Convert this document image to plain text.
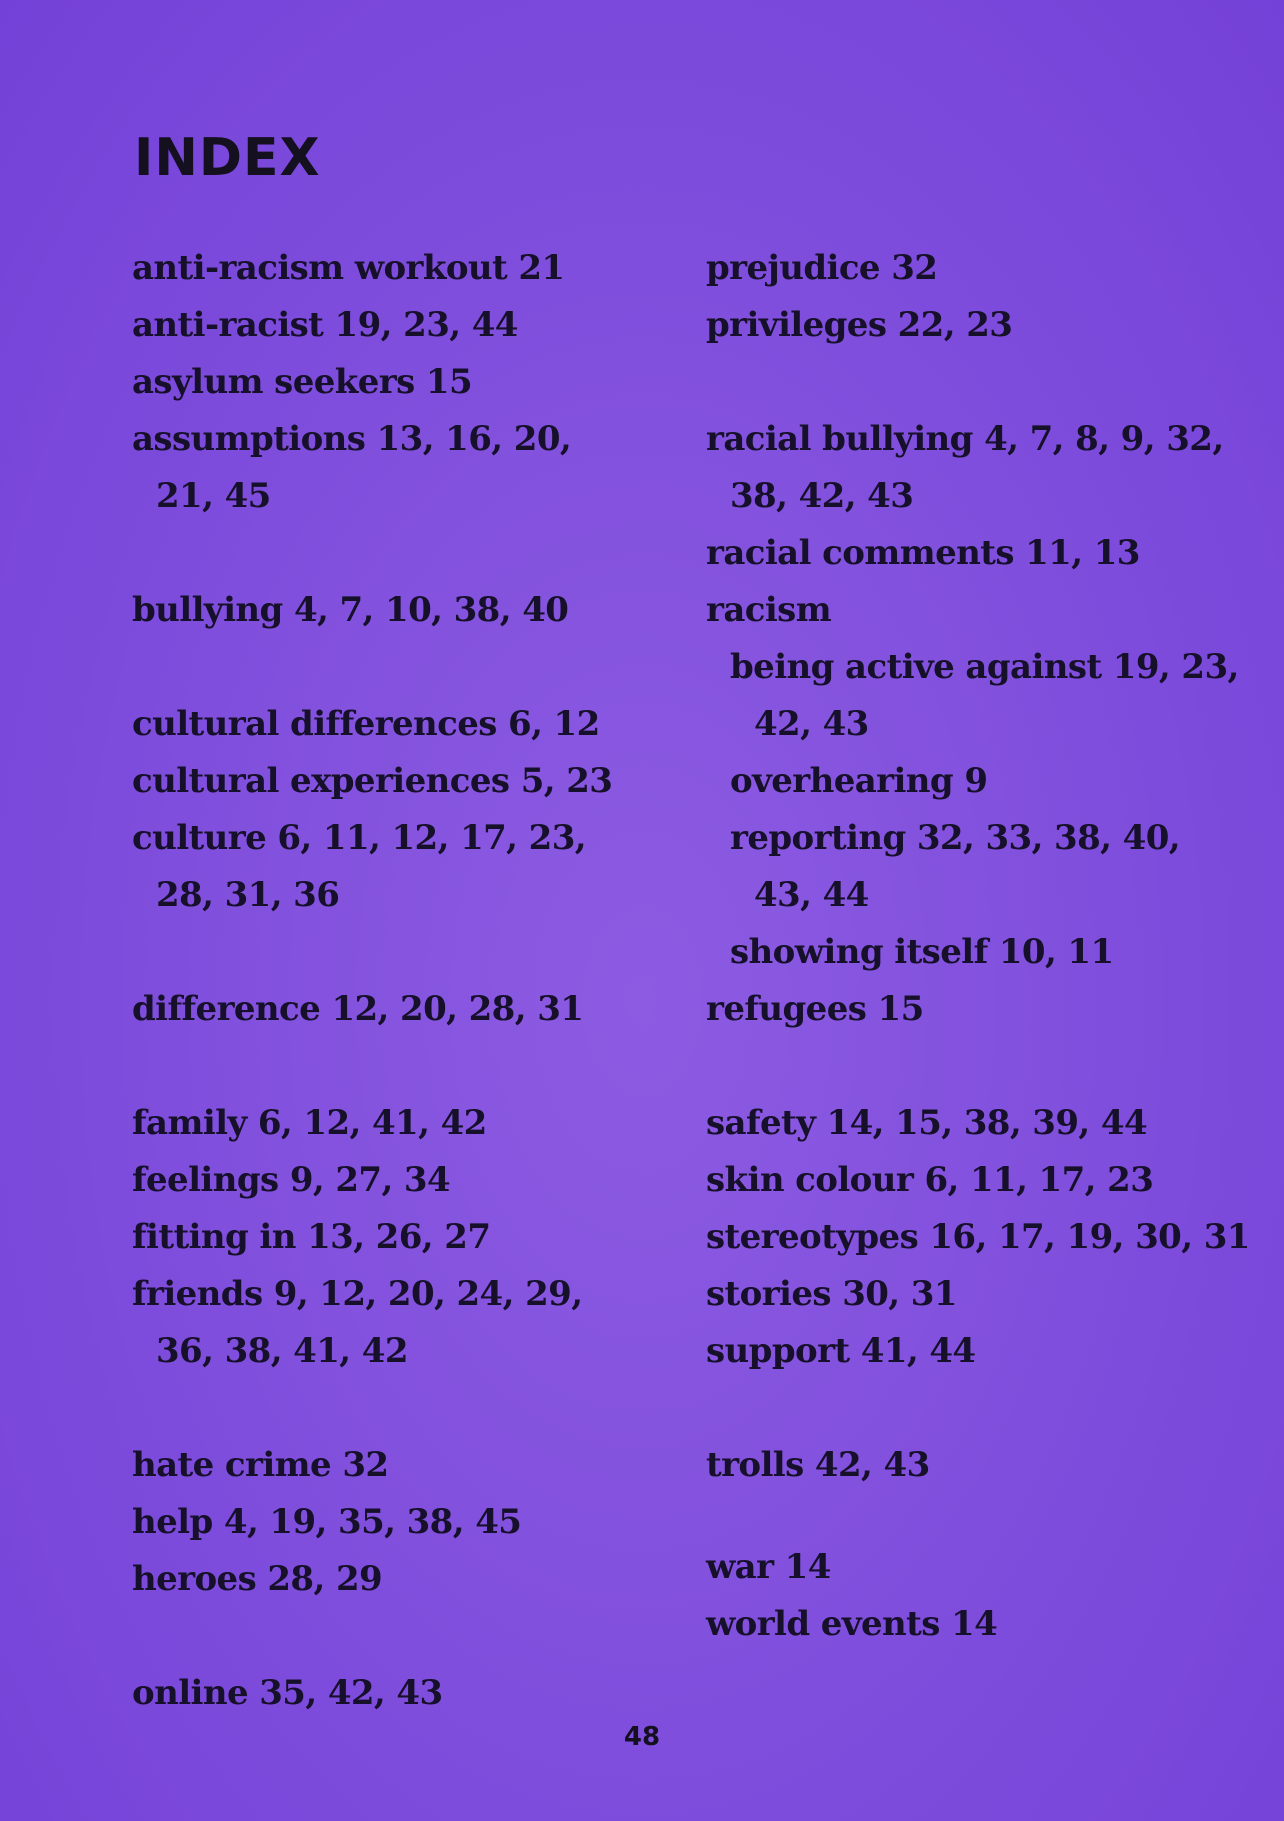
INDEX
anti-racism workout 21
anti-racist 19, 23, 44
asylum seekers 15
assumptions 13, 16, 20,
21, 45
bullying 4, 7, 10, 38, 40
cultural differences 6, 12
cultural experiences 5, 23
culture 6, 11, 12, 17, 23,
28, 31, 36
difference 12, 20, 28, 31
family 6, 12, 41, 42
feelings 9, 27, 34
fitting in 13, 26, 27
friends 9, 12, 20, 24, 29,
36, 38, 41, 42
hate crime 32
help 4, 19, 35, 38, 45
heroes 28, 29
online 35, 42, 43
prejudice 32
privileges 22, 23
racial bullying 4, 7, 8, 9, 32,
38, 42, 43
racial comments 11, 13
racism
being active against 19, 23,
42, 43
overhearing 9
reporting 32, 33, 38, 40,
43, 44
showing itself 10, 11
refugees 15
safety 14, 15, 38, 39, 44
skin colour 6, 11, 17, 23
stereotypes 16, 17, 19, 30, 31
stories 30, 31
support 41, 44
trolls 42, 43
war 14
world events 14
48
